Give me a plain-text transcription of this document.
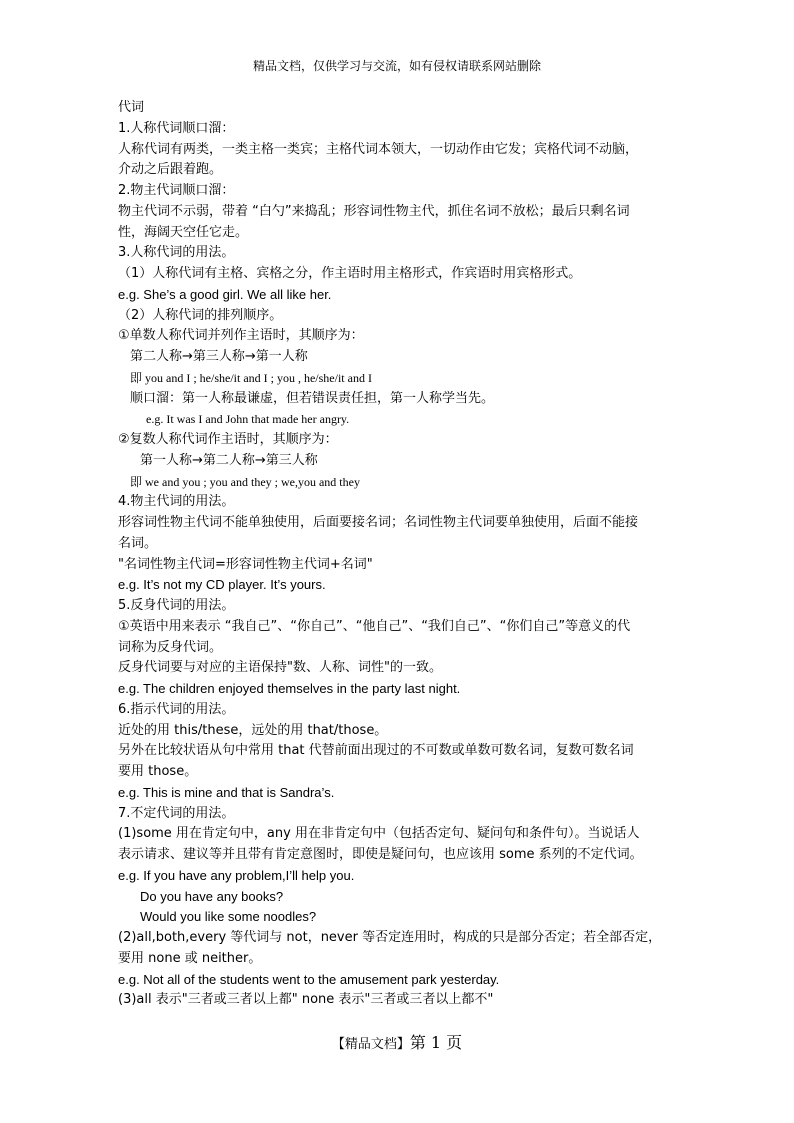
精品文档，仅供学习与交流，如有侵权请联系网站删除
代词
1.人称代词顺口溜：
人称代词有两类，一类主格一类宾；主格代词本领大，一切动作由它发；宾格代词不动脑，
介动之后跟着跑。
2.物主代词顺口溜：
物主代词不示弱，带着 “白勺”来捣乱；形容词性物主代，抓住名词不放松；最后只剩名词
性，海阔天空任它走。
3.人称代词的用法。
（1）人称代词有主格、宾格之分，作主语时用主格形式，作宾语时用宾格形式。
e.g. She’s a good girl. We all like her.
（2）人称代词的排列顺序。
①单数人称代词并列作主语时，其顺序为：
第二人称→第三人称→第一人称
即 you and I ; he/she/it and I ; you , he/she/it and I
顺口溜：第一人称最谦虚，但若错误责任担，第一人称学当先。
e.g. It was I and John that made her angry.
②复数人称代词作主语时，其顺序为：
第一人称→第二人称→第三人称
即 we and you ; you and they ; we,you and they
4.物主代词的用法。
形容词性物主代词不能单独使用，后面要接名词；名词性物主代词要单独使用，后面不能接
名词。
"名词性物主代词=形容词性物主代词+名词"
e.g. It’s not my CD player. It’s yours.
5.反身代词的用法。
①英语中用来表示 “我自己”、“你自己”、“他自己”、“我们自己”、“你们自己”等意义的代
词称为反身代词。
反身代词要与对应的主语保持"数、人称、词性"的一致。
e.g. The children enjoyed themselves in the party last night.
6.指示代词的用法。
近处的用 this/these，远处的用 that/those。
另外在比较状语从句中常用 that 代替前面出现过的不可数或单数可数名词，复数可数名词
要用 those。
e.g. This is mine and that is Sandra’s.
7.不定代词的用法。
(1)some 用在肯定句中，any 用在非肯定句中（包括否定句、疑问句和条件句）。当说话人
表示请求、建议等并且带有肯定意图时，即使是疑问句，也应该用 some 系列的不定代词。
e.g. If you have any problem,I’ll help you.
Do you have any books?
Would you like some noodles?
(2)all,both,every 等代词与 not，never 等否定连用时，构成的只是部分否定；若全部否定，
要用 none 或 neither。
e.g. Not all of the students went to the amusement park yesterday.
(3)all 表示"三者或三者以上都" none 表示"三者或三者以上都不"
【精品文档】第 1 页
